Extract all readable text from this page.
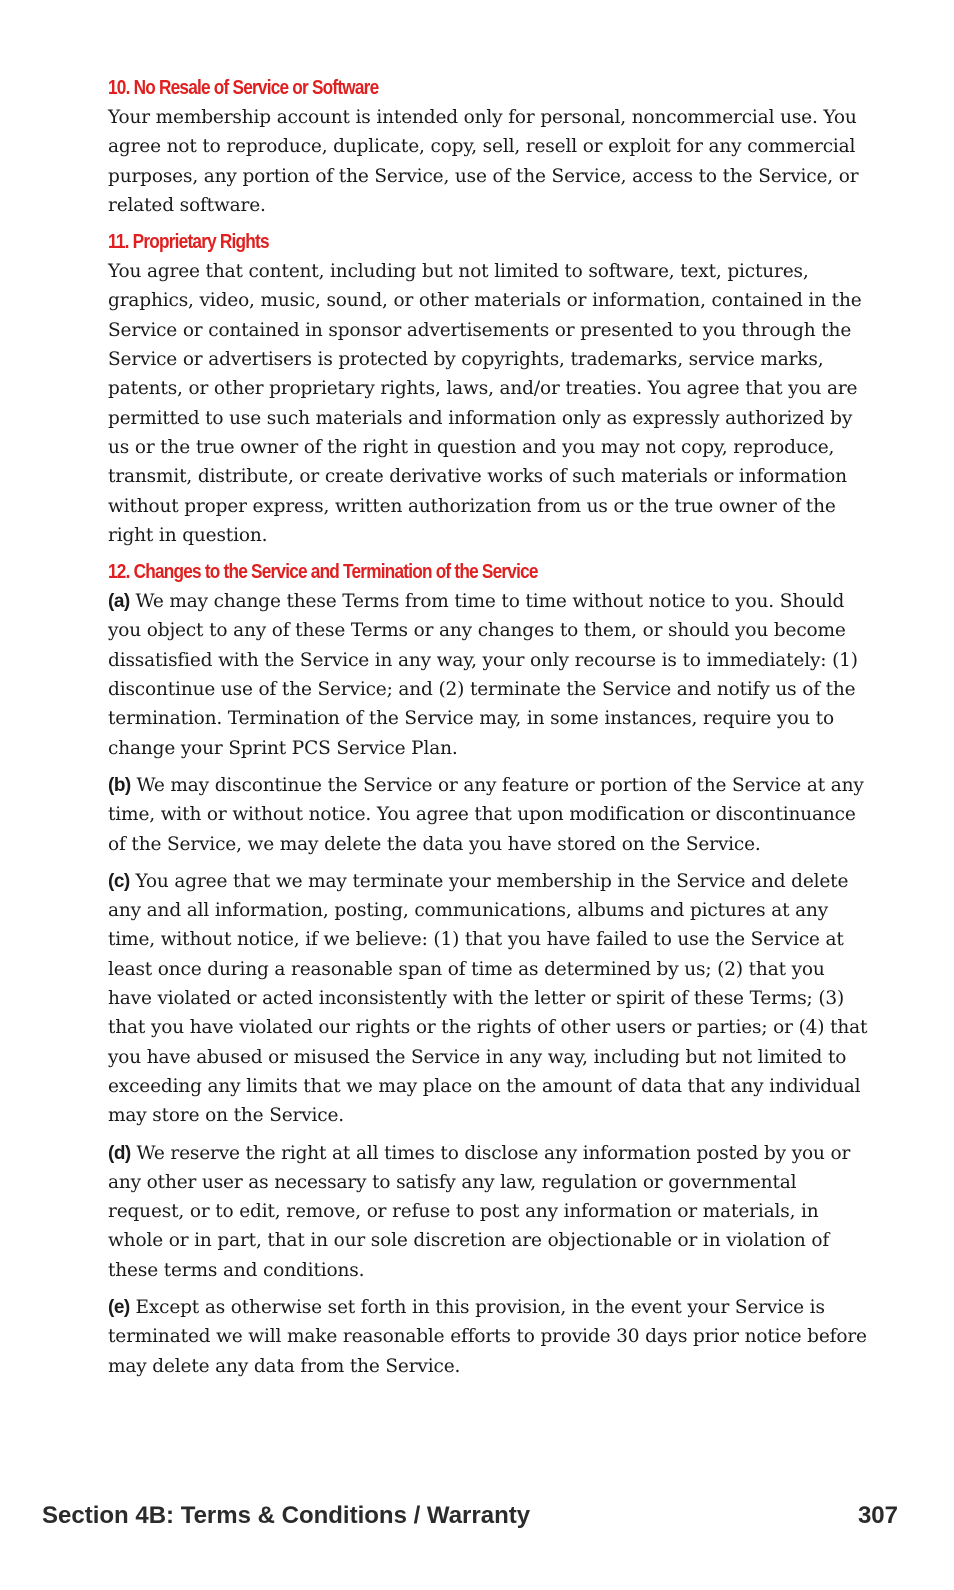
10. No Resale of Service or Software

Your membership account is intended only for personal, noncommercial use. You agree not to reproduce, duplicate, copy, sell, resell or exploit for any commercial purposes, any portion of the Service, use of the Service, access to the Service, or related software.

11. Proprietary Rights

You agree that content, including but not limited to software, text, pictures, graphics, video, music, sound, or other materials or information, contained in the Service or contained in sponsor advertisements or presented to you through the Service or advertisers is protected by copyrights, trademarks, service marks, patents, or other proprietary rights, laws, and/or treaties. You agree that you are permitted to use such materials and information only as expressly authorized by us or the true owner of the right in question and you may not copy, reproduce, transmit, distribute, or create derivative works of such materials or information without proper express, written authorization from us or the true owner of the right in question.

12. Changes to the Service and Termination of the Service

(a) We may change these Terms from time to time without notice to you. Should you object to any of these Terms or any changes to them, or should you become dissatisfied with the Service in any way, your only recourse is to immediately: (1) discontinue use of the Service; and (2) terminate the Service and notify us of the termination. Termination of the Service may, in some instances, require you to change your Sprint PCS Service Plan.

(b) We may discontinue the Service or any feature or portion of the Service at any time, with or without notice. You agree that upon modification or discontinuance of the Service, we may delete the data you have stored on the Service.

(c) You agree that we may terminate your membership in the Service and delete any and all information, posting, communications, albums and pictures at any time, without notice, if we believe: (1) that you have failed to use the Service at least once during a reasonable span of time as determined by us; (2) that you have violated or acted inconsistently with the letter or spirit of these Terms; (3) that you have violated our rights or the rights of other users or parties; or (4) that you have abused or misused the Service in any way, including but not limited to exceeding any limits that we may place on the amount of data that any individual may store on the Service.

(d) We reserve the right at all times to disclose any information posted by you or any other user as necessary to satisfy any law, regulation or governmental request, or to edit, remove, or refuse to post any information or materials, in whole or in part, that in our sole discretion are objectionable or in violation of these terms and conditions.

(e) Except as otherwise set forth in this provision, in the event your Service is terminated we will make reasonable efforts to provide 30 days prior notice before may delete any data from the Service.

Section 4B: Terms & Conditions / Warranty	307
